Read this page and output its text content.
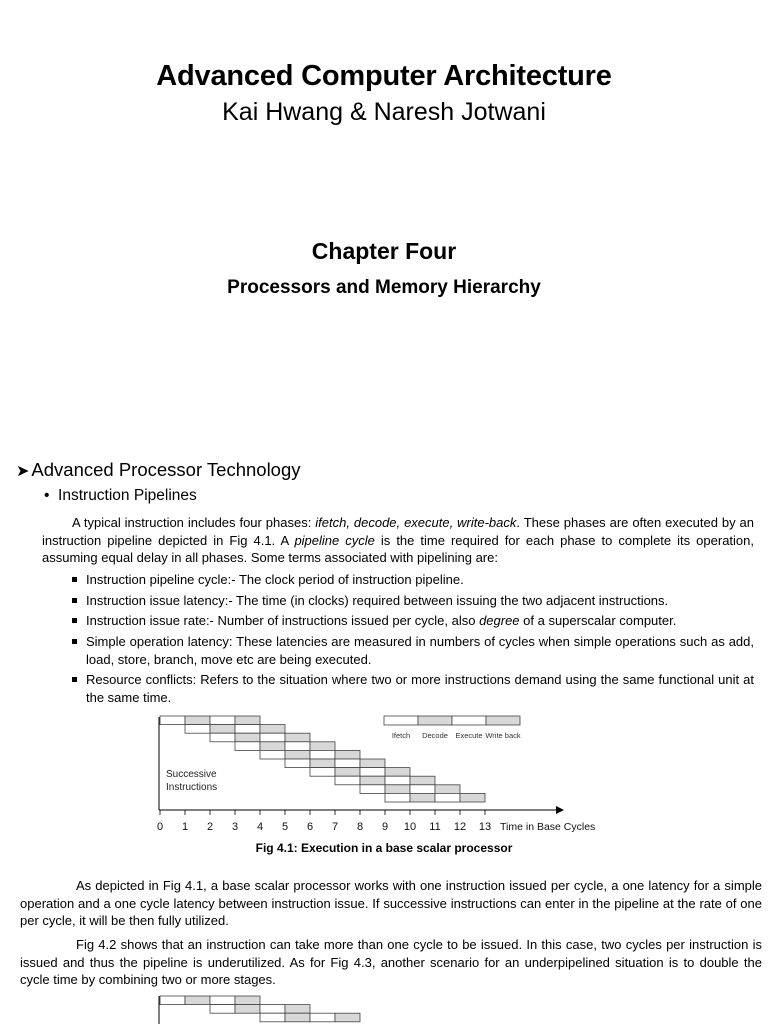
Advanced Computer Architecture
Kai Hwang & Naresh Jotwani
Chapter Four
Processors and Memory Hierarchy
➤ Advanced Processor Technology
•  Instruction Pipelines

A typical instruction includes four phases: ifetch, decode, execute, write-back. These phases are often executed by an instruction pipeline depicted in Fig 4.1. A pipeline cycle is the time required for each phase to complete its operation, assuming equal delay in all phases. Some terms associated with pipelining are:

Instruction pipeline cycle:- The clock period of instruction pipeline.
Instruction issue latency:- The time (in clocks) required between issuing the two adjacent instructions.
Instruction issue rate:- Number of instructions issued per cycle, also degree of a superscalar computer.
Simple operation latency: These latencies are measured in numbers of cycles when simple operations such as add, load, store, branch, move etc are being executed.
Resource conflicts: Refers to the situation where two or more instructions demand using the same functional unit at the same time.
Ifetch Decode Execute Write back
Successive
Instructions
0 1 2 3 4 5 6 7 8 9 10 11 12 13 Time in Base Cycles
Fig 4.1: Execution in a base scalar processor

As depicted in Fig 4.1, a base scalar processor works with one instruction issued per cycle, a one latency for a simple operation and a one cycle latency between instruction issue. If successive instructions can enter in the pipeline at the rate of one per cycle, it will be then fully utilized.

Fig 4.2 shows that an instruction can take more than one cycle to be issued. In this case, two cycles per instruction is issued and thus the pipeline is underutilized. As for Fig 4.3, another scenario for an underpipelined situation is to double the cycle time by combining two or more stages.
